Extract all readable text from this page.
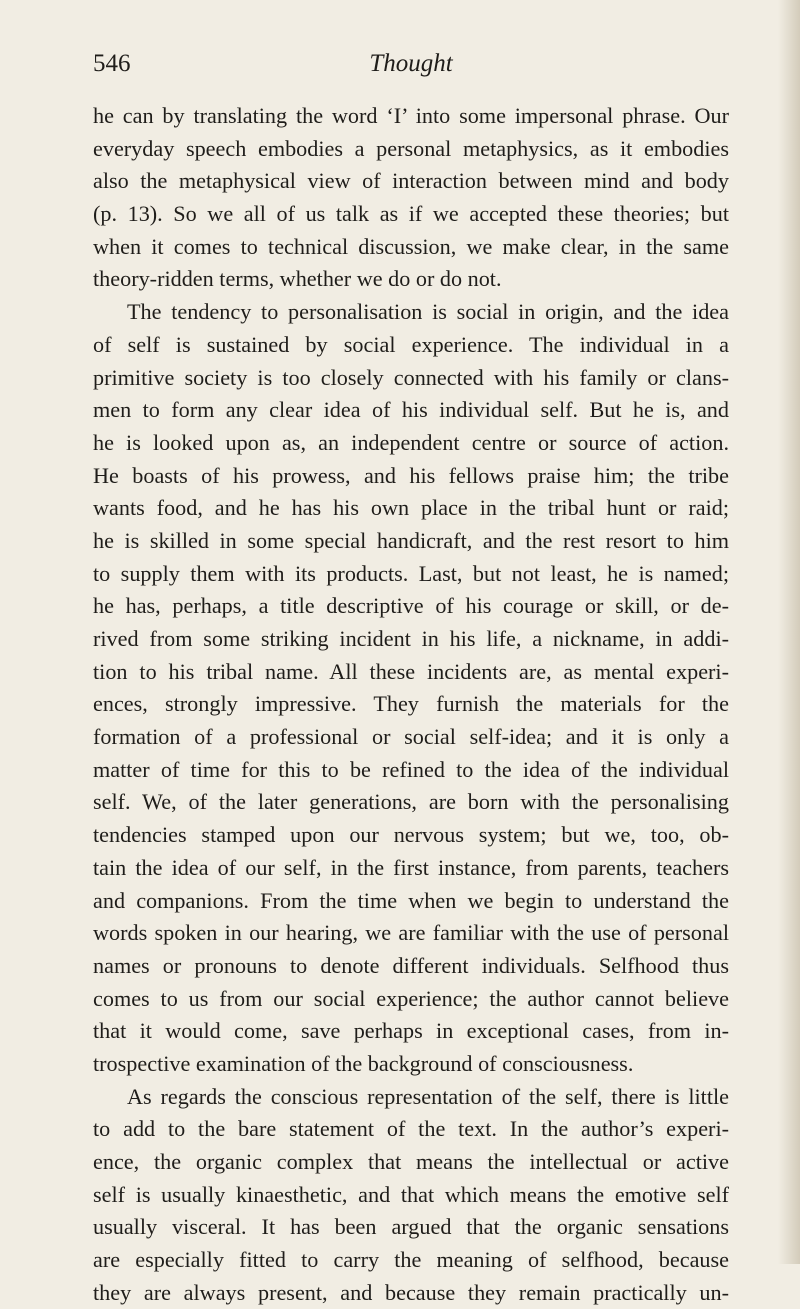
546	Thought
he can by translating the word ‘I’ into some impersonal phrase. Our
everyday speech embodies a personal metaphysics, as it embodies
also the metaphysical view of interaction between mind and body
(p. 13). So we all of us talk as if we accepted these theories; but
when it comes to technical discussion, we make clear, in the same
theory-ridden terms, whether we do or do not.
The tendency to personalisation is social in origin, and the idea
of self is sustained by social experience. The individual in a
primitive society is too closely connected with his family or clans-
men to form any clear idea of his individual self. But he is, and
he is looked upon as, an independent centre or source of action.
He boasts of his prowess, and his fellows praise him; the tribe
wants food, and he has his own place in the tribal hunt or raid;
he is skilled in some special handicraft, and the rest resort to him
to supply them with its products. Last, but not least, he is named;
he has, perhaps, a title descriptive of his courage or skill, or de-
rived from some striking incident in his life, a nickname, in addi-
tion to his tribal name. All these incidents are, as mental experi-
ences, strongly impressive. They furnish the materials for the
formation of a professional or social self-idea; and it is only a
matter of time for this to be refined to the idea of the individual
self. We, of the later generations, are born with the personalising
tendencies stamped upon our nervous system; but we, too, ob-
tain the idea of our self, in the first instance, from parents, teachers
and companions. From the time when we begin to understand the
words spoken in our hearing, we are familiar with the use of personal
names or pronouns to denote different individuals. Selfhood thus
comes to us from our social experience; the author cannot believe
that it would come, save perhaps in exceptional cases, from in-
trospective examination of the background of consciousness.
As regards the conscious representation of the self, there is little
to add to the bare statement of the text. In the author’s experi-
ence, the organic complex that means the intellectual or active
self is usually kinaesthetic, and that which means the emotive self
usually visceral. It has been argued that the organic sensations
are especially fitted to carry the meaning of selfhood, because
they are always present, and because they remain practically un-
